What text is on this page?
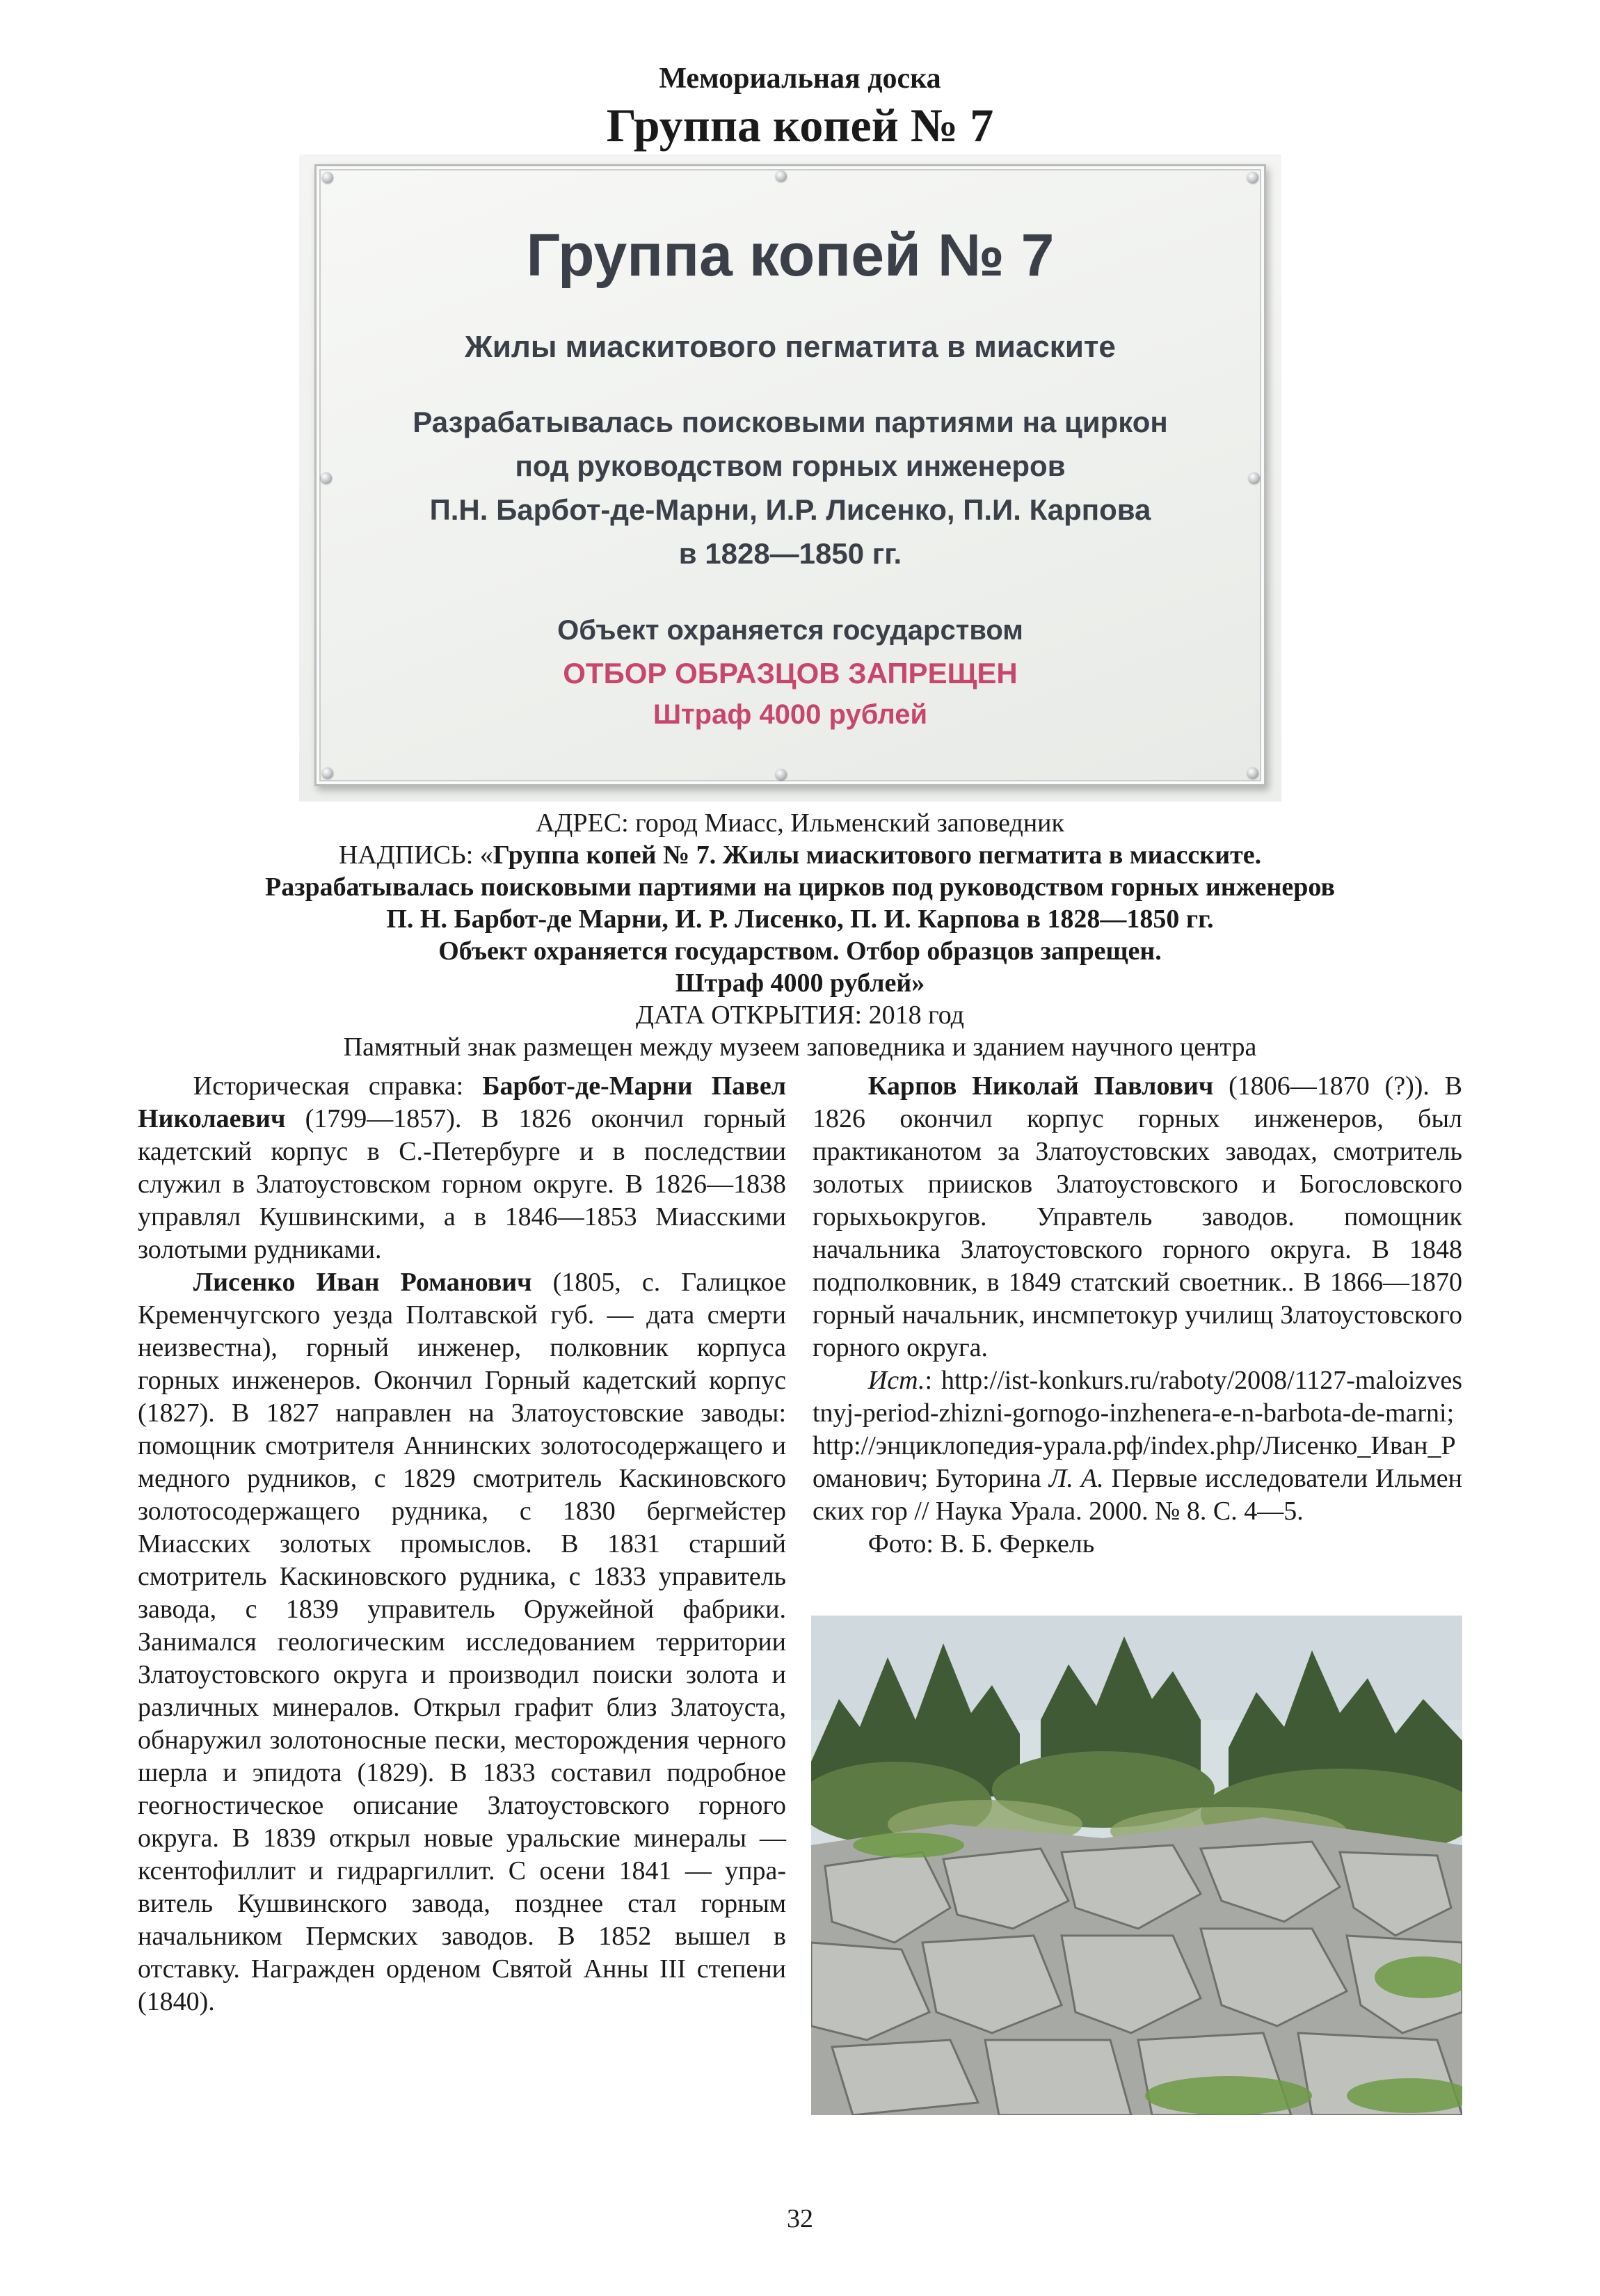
Мемориальная доска
Группа копей № 7
Группа копей № 7
Жилы миаскитового пегматита в миаските
Разрабатывалась поисковыми партиями на циркон
под руководством горных инженеров
П.Н. Барбот-де-Марни, И.Р. Лисенко, П.И. Карпова
в 1828—1850 гг.
Объект охраняется государством
ОТБОР ОБРАЗЦОВ ЗАПРЕЩЕН
Штраф 4000 рублей
АДРЕС: город Миасс, Ильменский заповедник
НАДПИСЬ: «Группа копей № 7. Жилы миаскитового пегматита в миасските.
Разрабатывалась поисковыми партиями на цирков под руководством горных инженеров
П. Н. Барбот-де Марни, И. Р. Лисенко, П. И. Карпова в 1828—1850 гг.
Объект охраняется государством. Отбор образцов запрещен.
Штраф 4000 рублей»
ДАТА ОТКРЫТИЯ: 2018 год
Памятный знак размещен между музеем заповедника и зданием научного центра

Историческая справка: Барбот-де-Марни Павел Николаевич (1799—1857). В 1826 окончил горный кадетский корпус в С.-Петербурге и в последствии служил в Златоустовском горном округе. В 1826—1838 управлял Кушвинскими, а в 1846—1853 Миасскими золотыми рудниками.

Лисенко Иван Романович (1805, с. Галицкое Кременчугского уезда Полтавской губ. — дата смерти неизвестна), горный инженер, полковник корпуса горных инженеров. Окончил Горный кадетский корпус (1827). В 1827 направлен на Златоустовские заводы: помощник смотрителя Аннинских золотосодержащего и медного рудников, с 1829 смотритель Каскиновского золотосодержащего рудника, с 1830 бергмейстер Миасских золотых промыслов. В 1831 старший смотритель Каскиновского рудника, с 1833 управитель завода, с 1839 управитель Оружейной фабрики. Занимался геологическим исследованием территории Златоустовского округа и производил поиски золота и различных минералов. Открыл графит близ Златоуста, обнаружил золотоносные пески, месторождения черного шерла и эпидота (1829). В 1833 составил подробное геогностическое описание Златоустовского горного округа. В 1839 открыл новые уральские минералы — ксентофиллит и гидраргиллит. С осени 1841 — управитель Кушвинского завода, позднее стал горным начальником Пермских заводов. В 1852 вышел в отставку. Награжден орденом Святой Анны III степени (1840).

Карпов Николай Павлович (1806—1870 (?)). В 1826 окончил корпус горных инженеров, был практиканотом за Златоустовских заводах, смотритель золотых приисков Златоустовского и Богословского горыхьокругов. Управтель заводов. помощник начальника Златоустовского горного округа. В 1848 подполковник, в 1849 статский своетник.. В 1866—1870 горный начальник, инсмпетокур училищ Златоустовского горного округа.

Ист.: http://ist-konkurs.ru/raboty/2008/1127-maloizvestnyj-period-zhizni-gornogo-inzhenera-e-n-barbota-de-marni; http://энциклопедия-урала.рф/index.php/Лисенко_Иван_Романович; Буторина Л. А. Первые исследователи Ильменских гор // Наука Урала. 2000. № 8. С. 4—5.

Фото: В. Б. Феркель

32
